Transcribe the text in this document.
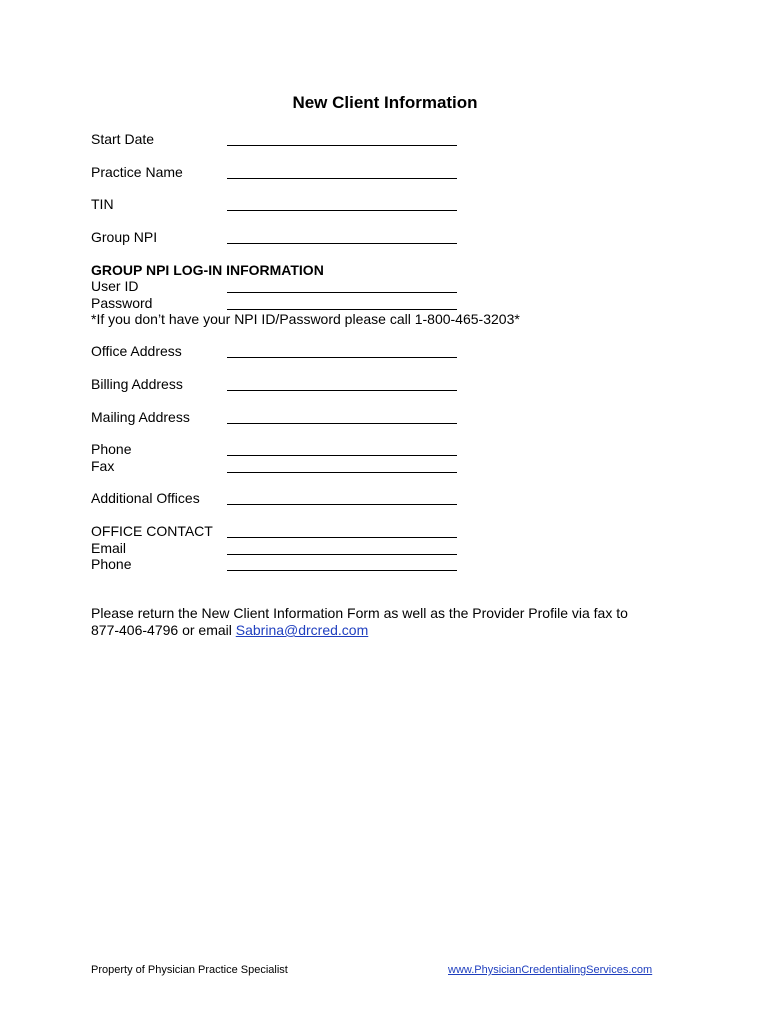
New Client Information
Start Date
Practice Name
TIN
Group NPI
GROUP NPI LOG-IN INFORMATION
User ID
Password
*If you don’t have your NPI ID/Password please call 1-800-465-3203*
Office Address
Billing Address
Mailing Address
Phone
Fax
Additional Offices
OFFICE CONTACT
Email
Phone
Please return the New Client Information Form as well as the Provider Profile via fax to
877-406-4796 or email Sabrina@drcred.com
Property of Physician Practice Specialist	www.PhysicianCredentialingServices.com
